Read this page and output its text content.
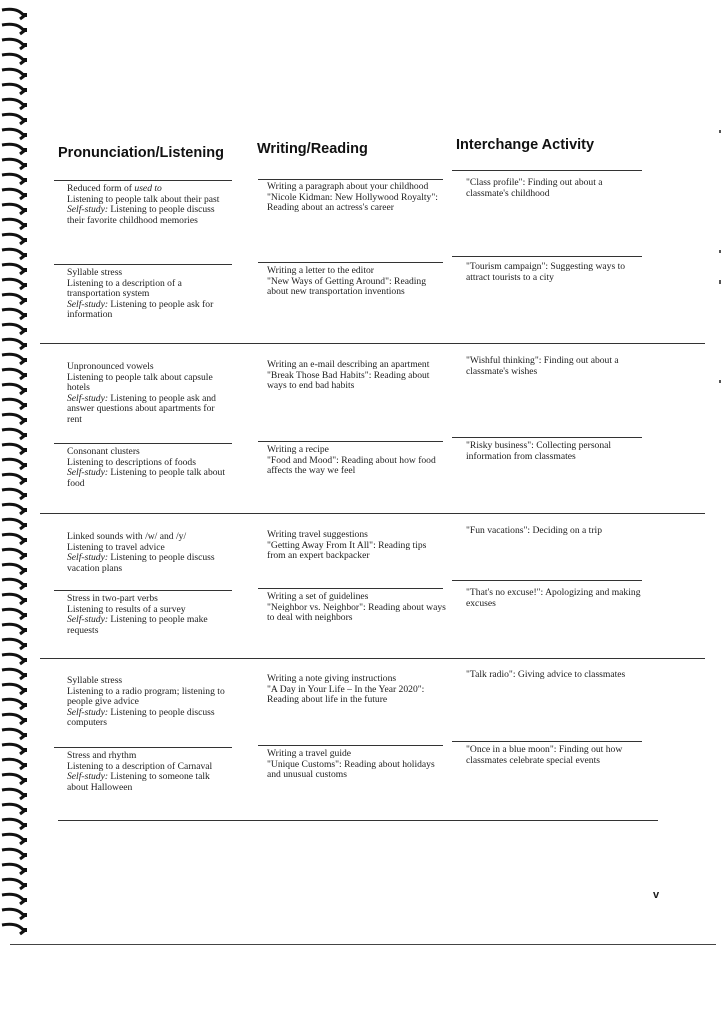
Pronunciation/Listening Writing/Reading	Interchange Activity
Reduced form of used to
Listening to people talk about their past
Self-study: Listening to people discuss their favorite childhood memories
Writing a paragraph about your childhood
"Nicole Kidman: New Hollywood Royalty": Reading about an actress's career
"Class profile": Finding out about a classmate's childhood
Syllable stress
Listening to a description of a transportation system
Self-study: Listening to people ask for information
Writing a letter to the editor
"New Ways of Getting Around": Reading about new transportation inventions
"Tourism campaign": Suggesting ways to attract tourists to a city
Unpronounced vowels
Listening to people talk about capsule hotels
Self-study: Listening to people ask and answer questions about apartments for rent
Writing an e-mail describing an apartment
"Break Those Bad Habits": Reading about ways to end bad habits
"Wishful thinking": Finding out about a classmate's wishes
Consonant clusters
Listening to descriptions of foods
Self-study: Listening to people talk about food
Writing a recipe
"Food and Mood": Reading about how food affects the way we feel
"Risky business": Collecting personal information from classmates
Linked sounds with /w/ and /y/
Listening to travel advice
Self-study: Listening to people discuss vacation plans
Writing travel suggestions
"Getting Away From It All": Reading tips from an expert backpacker
"Fun vacations": Deciding on a trip
Stress in two-part verbs
Listening to results of a survey
Self-study: Listening to people make requests
Writing a set of guidelines
"Neighbor vs. Neighbor": Reading about ways to deal with neighbors
"That's no excuse!": Apologizing and making excuses
Syllable stress
Listening to a radio program; listening to people give advice
Self-study: Listening to people discuss computers
Writing a note giving instructions
"A Day in Your Life – In the Year 2020": Reading about life in the future
"Talk radio": Giving advice to classmates
Stress and rhythm
Listening to a description of Carnaval
Self-study: Listening to someone talk about Halloween
Writing a travel guide
"Unique Customs": Reading about holidays and unusual customs
"Once in a blue moon": Finding out how classmates celebrate special events
v
